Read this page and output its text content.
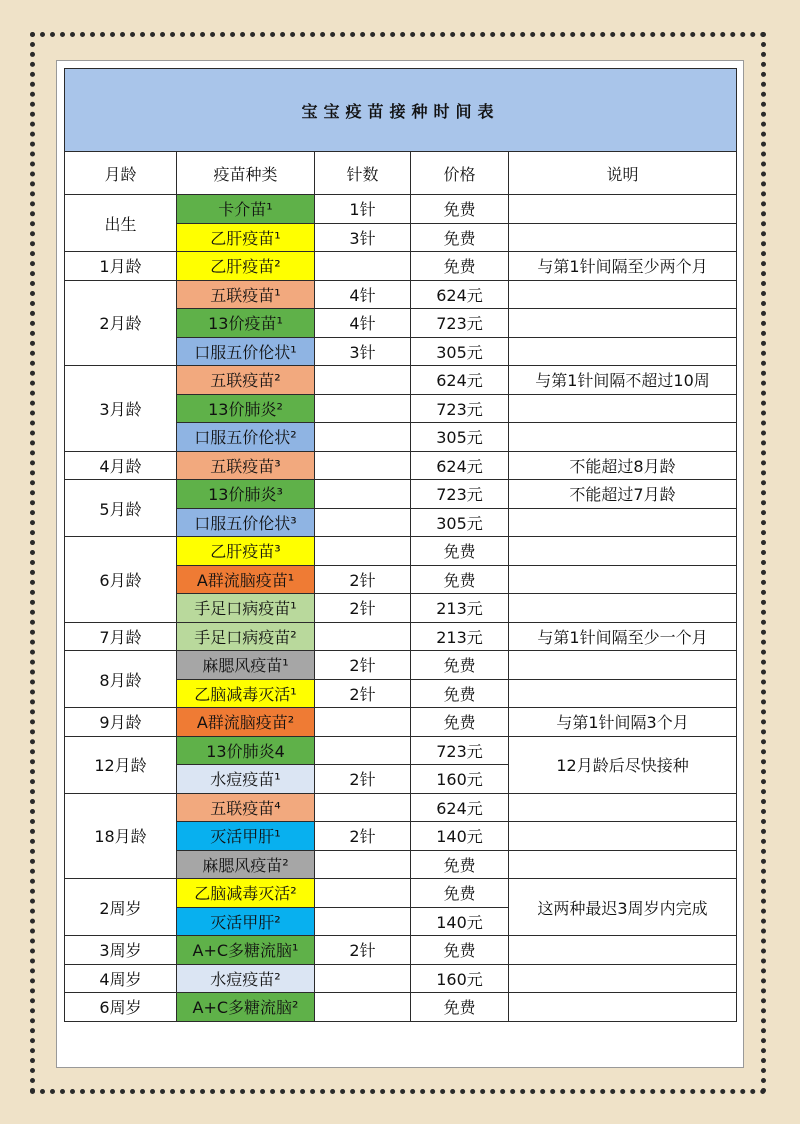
宝宝疫苗接种时间表				
月龄	疫苗种类	针数	价格	说明
出生	卡介苗¹	1针	免费	
	乙肝疫苗¹	3针	免费	
1月龄	乙肝疫苗²		免费	与第1针间隔至少两个月
2月龄	五联疫苗¹	4针	624元	
	13价疫苗¹	4针	723元	
	口服五价伦状¹	3针	305元	
3月龄	五联疫苗²		624元	与第1针间隔不超过10周
	13价肺炎²		723元	
	口服五价伦状²		305元	
4月龄	五联疫苗³		624元	不能超过8月龄
5月龄	13价肺炎³		723元	不能超过7月龄
	口服五价伦状³		305元	
6月龄	乙肝疫苗³		免费	
	A群流脑疫苗¹	2针	免费	
	手足口病疫苗¹	2针	213元	
7月龄	手足口病疫苗²		213元	与第1针间隔至少一个月
8月龄	麻腮风疫苗¹	2针	免费	
	乙脑减毒灭活¹	2针	免费	
9月龄	A群流脑疫苗²		免费	与第1针间隔3个月
12月龄	13价肺炎4		723元	12月龄后尽快接种
	水痘疫苗¹	2针	160元	
18月龄	五联疫苗⁴		624元	
	灭活甲肝¹	2针	140元	
	麻腮风疫苗²		免费	
2周岁	乙脑减毒灭活²		免费	这两种最迟3周岁内完成
	灭活甲肝²		140元	
3周岁	A+C多糖流脑¹	2针	免费	
4周岁	水痘疫苗²		160元	
6周岁	A+C多糖流脑²		免费	
